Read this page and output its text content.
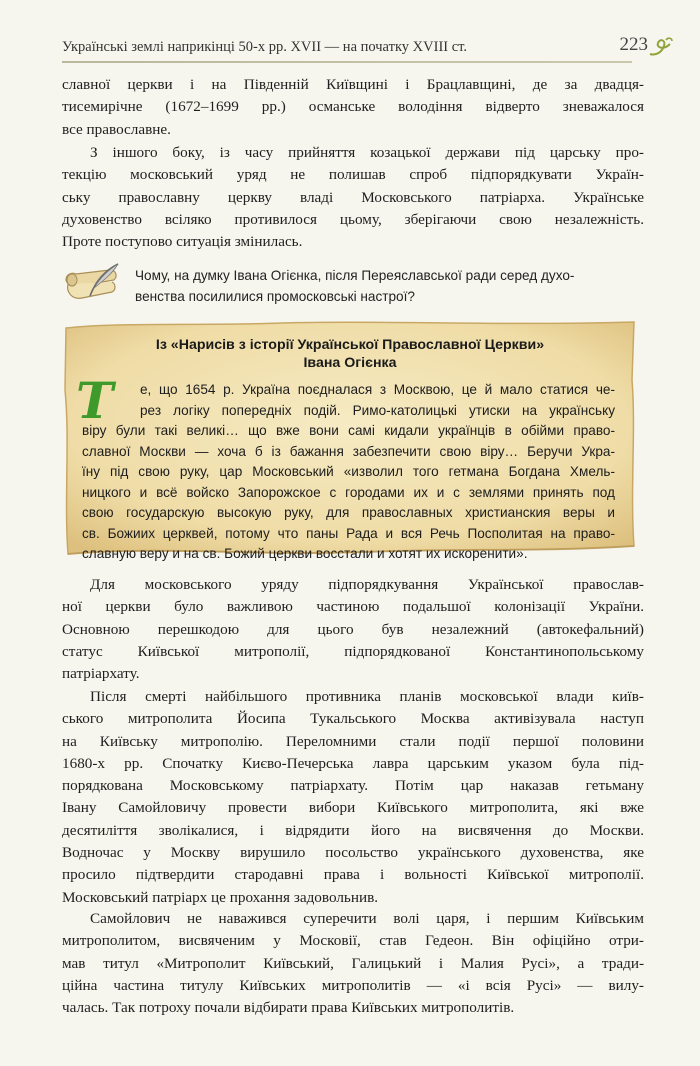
Українські землі наприкінці 50-х рр. XVII — на початку XVIII ст.	223
славної церкви і на Південній Київщині і Брацлавщині, де за двадця-
тисемирічне (1672–1699 рр.) османське володіння відверто зневажалося
все православне.
З іншого боку, із часу прийняття козацької держави під царську про-
текцію московський уряд не полишав спроб підпорядкувати Україн-
ську православну церкву владі Московського патріарха. Українське
духовенство всіляко противилося цьому, зберігаючи свою незалежність.
Проте поступово ситуація змінилась.
Чому, на думку Івана Огієнка, після Переяславської ради серед духо-
венства посилилися промосковські настрої?
Із «Нарисів з історії Української Православної Церкви»
Івана Огієнка
Т	е, що 1654 р. Україна поєдналася з Москвою, це й мало статися че-
рез логіку попередніх подій. Римо-католицькі утиски на українську
віру були такі великі… що вже вони самі кидали українців в обійми право-
славної Москви — хоча б із бажання забезпечити свою віру… Беручи Укра-
їну під свою руку, цар Московський «изволил того гетмана Богдана Хмель-
ницкого и всё войско Запорожское с городами их и с землями принять под
свою государскую высокую руку, для православных христианския веры и
св. Божиих церквей, потому что паны Рада и вся Речь Посполитая на право-
славную веру и на св. Божий церкви восстали и хотят их искоренити».
Для московського уряду підпорядкування Української православ-
ної церкви було важливою частиною подальшої колонізації України.
Основною перешкодою для цього був незалежний (автокефальний)
статус Київської митрополії, підпорядкованої Константинопольському
патріархату.
Після смерті найбільшого противника планів московської влади київ-
ського митрополита Йосипа Тукальського Москва активізувала наступ
на Київську митрополію. Переломними стали події першої половини
1680-х рр. Спочатку Києво-Печерська лавра царським указом була під-
порядкована Московському патріархату. Потім цар наказав гетьману
Івану Самойловичу провести вибори Київського митрополита, які вже
десятиліття зволікалися, і відрядити його на висвячення до Москви.
Водночас у Москву вирушило посольство українського духовенства, яке
просило підтвердити стародавні права і вольності Київської митрополії.
Московський патріарх це прохання задовольнив.
Самойлович не наважився суперечити волі царя, і першим Київським
митрополитом, висвяченим у Московії, став Гедеон. Він офіційно отри-
мав титул «Митрополит Київський, Галицький і Малия Русі», а тради-
ційна частина титулу Київських митрополитів — «і всія Русі» — вилу-
чалась. Так потроху почали відбирати права Київських митрополитів.
